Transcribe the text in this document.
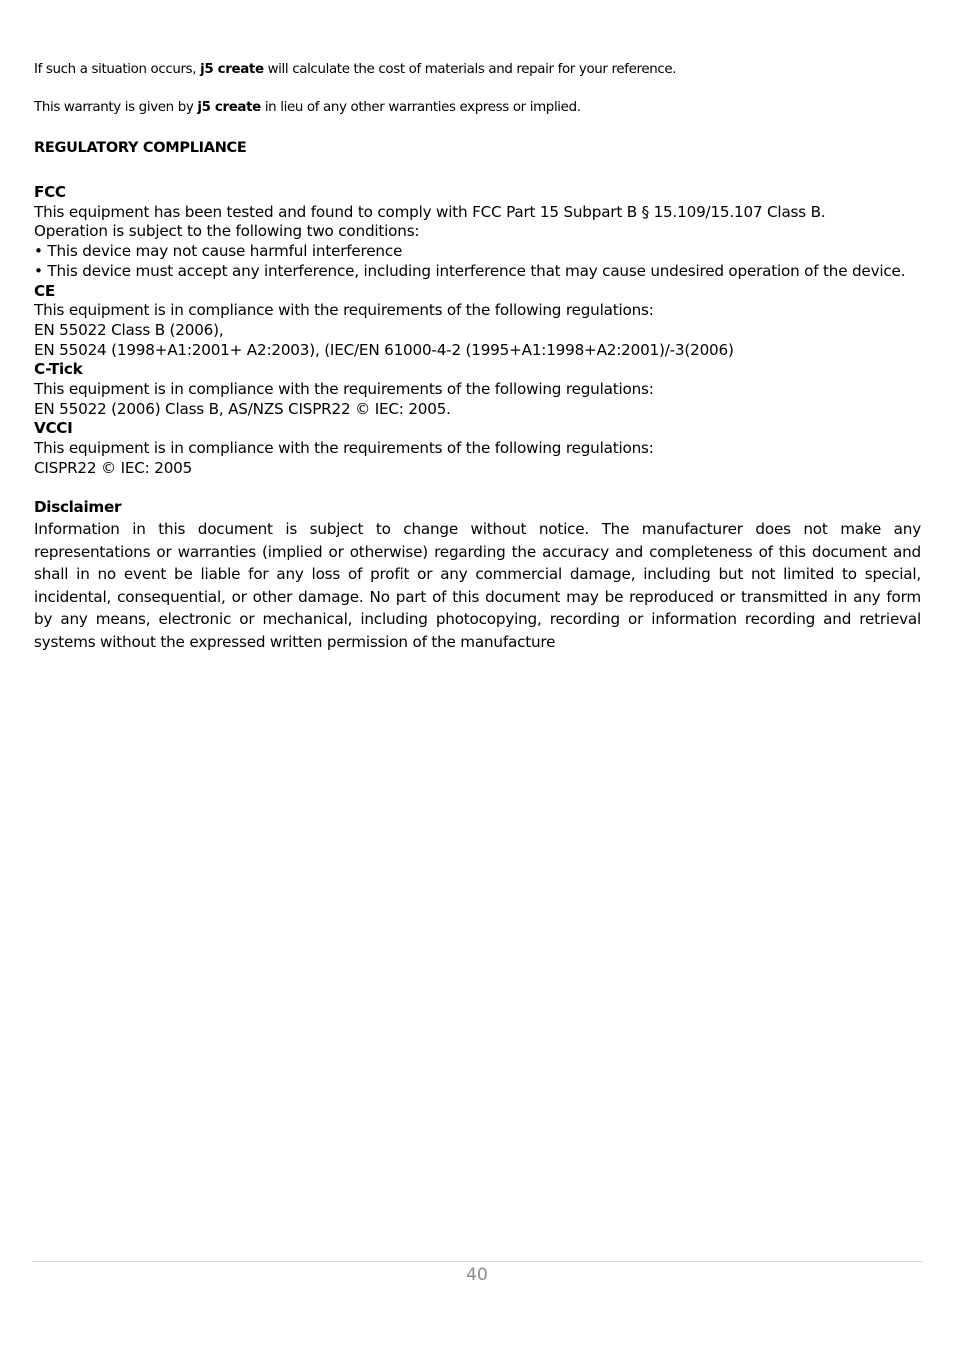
If such a situation occurs, j5 create will calculate the cost of materials and repair for your reference.
This warranty is given by j5 create in lieu of any other warranties express or implied.
REGULATORY COMPLIANCE
FCC
This equipment has been tested and found to comply with FCC Part 15 Subpart B § 15.109/15.107 Class B.
Operation is subject to the following two conditions:
• This device may not cause harmful interference
• This device must accept any interference, including interference that may cause undesired operation of the device.
CE
This equipment is in compliance with the requirements of the following regulations:
EN 55022 Class B (2006),
EN 55024 (1998+A1:2001+ A2:2003), (IEC/EN 61000-4-2 (1995+A1:1998+A2:2001)/-3(2006)
C-Tick
This equipment is in compliance with the requirements of the following regulations:
EN 55022 (2006) Class B, AS/NZS CISPR22 © IEC: 2005.
VCCI
This equipment is in compliance with the requirements of the following regulations:
CISPR22 © IEC: 2005
Disclaimer
Information in this document is subject to change without notice. The manufacturer does not make any representations or warranties (implied or otherwise) regarding the accuracy and completeness of this document and shall in no event be liable for any loss of profit or any commercial damage, including but not limited to special, incidental, consequential, or other damage. No part of this document may be reproduced or transmitted in any form by any means, electronic or mechanical, including photocopying, recording or information recording and retrieval systems without the expressed written permission of the manufacture
40
